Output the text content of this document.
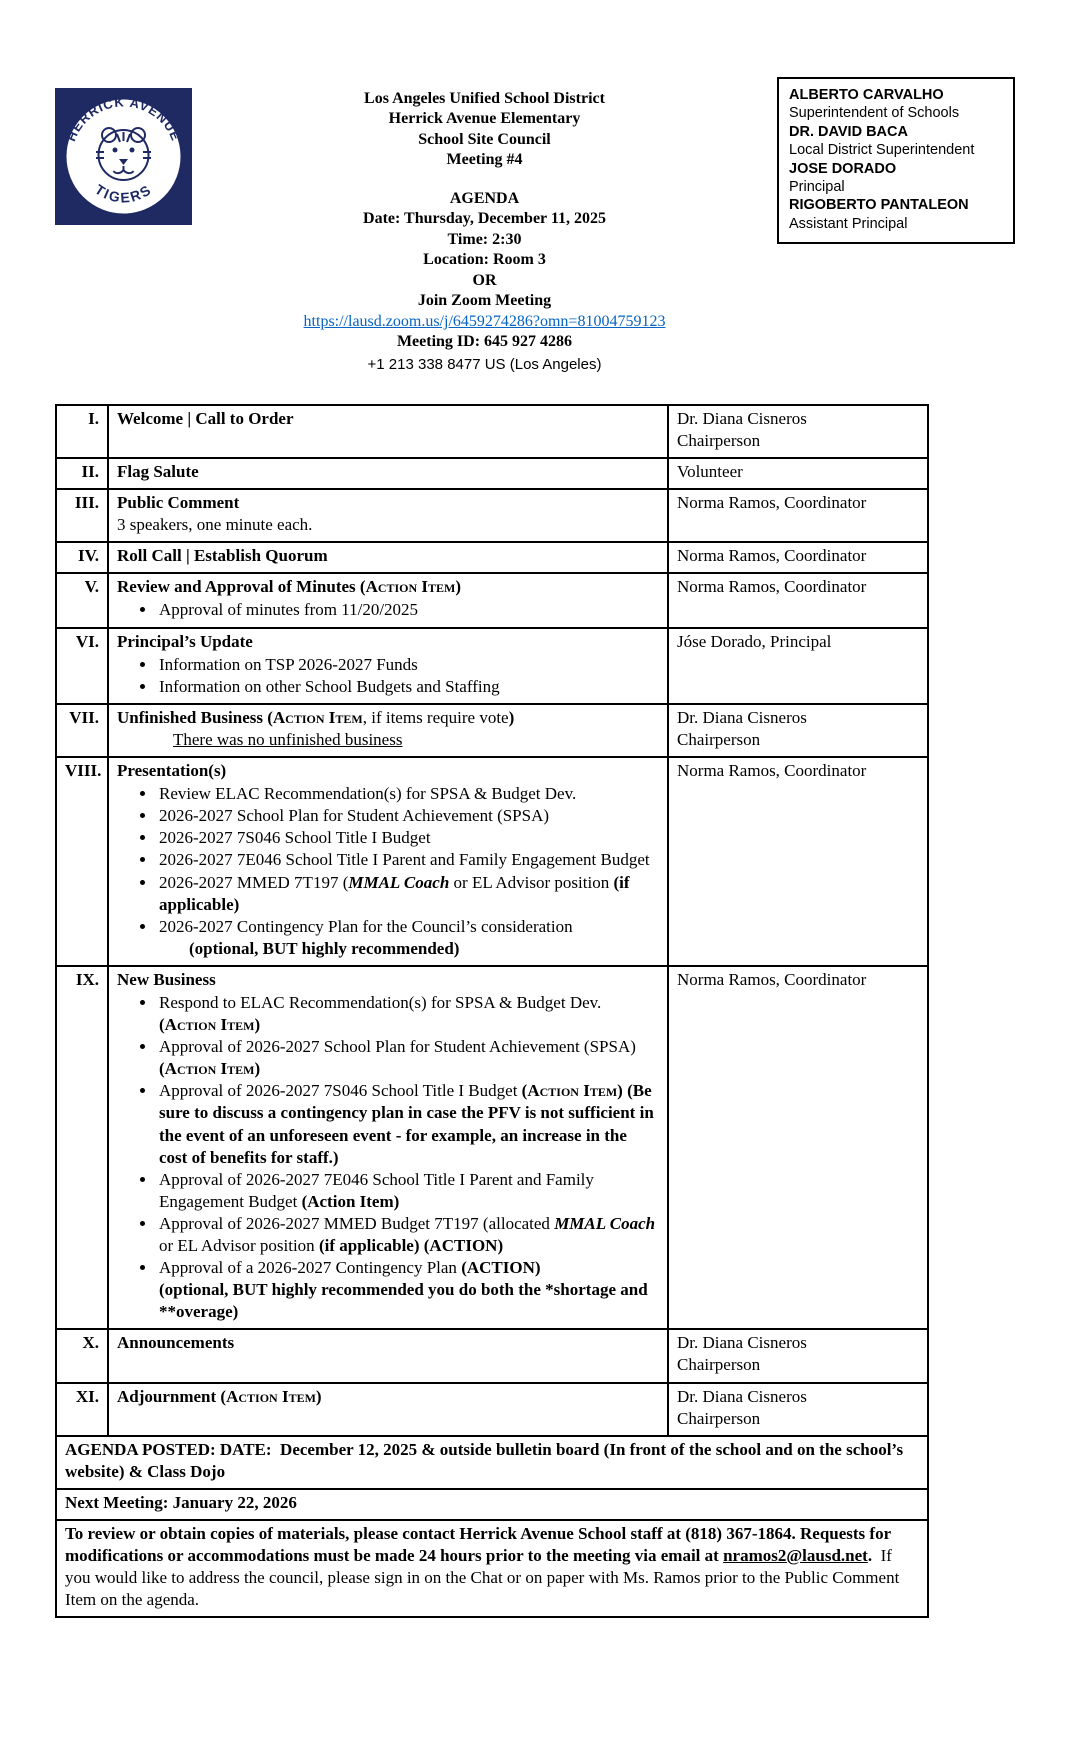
HERRICK AVENUE
TIGERS
Los Angeles Unified School District
Herrick Avenue Elementary
School Site Council
Meeting #4
AGENDA
Date: Thursday, December 11, 2025
Time: 2:30
Location: Room 3
OR
Join Zoom Meeting
https://lausd.zoom.us/j/6459274286?omn=81004759123
Meeting ID: 645 927 4286
+1 213 338 8477 US (Los Angeles)
ALBERTO CARVALHO
Superintendent of Schools
DR. DAVID BACA
Local District Superintendent
JOSE DORADO
Principal
RIGOBERTO PANTALEON
Assistant Principal
I.	Welcome | Call to Order	Dr. Diana Cisneros
Chairperson
II.	Flag Salute	Volunteer
III.	Public Comment
3 speakers, one minute each.	Norma Ramos, Coordinator
IV.	Roll Call | Establish Quorum	Norma Ramos, Coordinator
V.	Review and Approval of Minutes (Action Item)
• Approval of minutes from 11/20/2025
	Norma Ramos, Coordinator
VI.	Principal’s Update
• Information on TSP 2026-2027 Funds
• Information on other School Budgets and Staffing
	Jóse Dorado, Principal
VII.	Unfinished Business (Action Item, if items require vote)
There was no unfinished business
	Dr. Diana Cisneros
Chairperson
VIII.	Presentation(s)
• Review ELAC Recommendation(s) for SPSA & Budget Dev.
• 2026-2027 School Plan for Student Achievement (SPSA)
• 2026-2027 7S046 School Title I Budget
• 2026-2027 7E046 School Title I Parent and Family Engagement Budget
• 2026-2027 MMED 7T197 (MMAL Coach or EL Advisor position (if applicable)
• 2026-2027 Contingency Plan for the Council’s consideration
(optional, BUT highly recommended)
	Norma Ramos, Coordinator
IX.	New Business
• Respond to ELAC Recommendation(s) for SPSA & Budget Dev. (Action Item)
• Approval of 2026-2027 School Plan for Student Achievement (SPSA) (Action Item)
• Approval of 2026-2027 7S046 School Title I Budget (Action Item) (Be sure to discuss a contingency plan in case the PFV is not sufficient in the event of an unforeseen event - for example, an increase in the cost of benefits for staff.)
• Approval of 2026-2027 7E046 School Title I Parent and Family Engagement Budget (Action Item)
• Approval of 2026-2027 MMED Budget 7T197 (allocated MMAL Coach or EL Advisor position (if applicable) (ACTION)
• Approval of a 2026-2027 Contingency Plan (ACTION)
(optional, BUT highly recommended you do both the *shortage and **overage)
	Norma Ramos, Coordinator
X.	Announcements	Dr. Diana Cisneros
Chairperson
XI.	Adjournment (Action Item)	Dr. Diana Cisneros
Chairperson
AGENDA POSTED: DATE:  December 12, 2025 & outside bulletin board (In front of the school and on the school’s website) & Class Dojo		
Next Meeting: January 22, 2026		
To review or obtain copies of materials, please contact Herrick Avenue School staff at (818) 367-1864. Requests for modifications or accommodations must be made 24 hours prior to the meeting via email at nramos2@lausd.net.  If you would like to address the council, please sign in on the Chat or on paper with Ms. Ramos prior to the Public Comment Item on the agenda.		
